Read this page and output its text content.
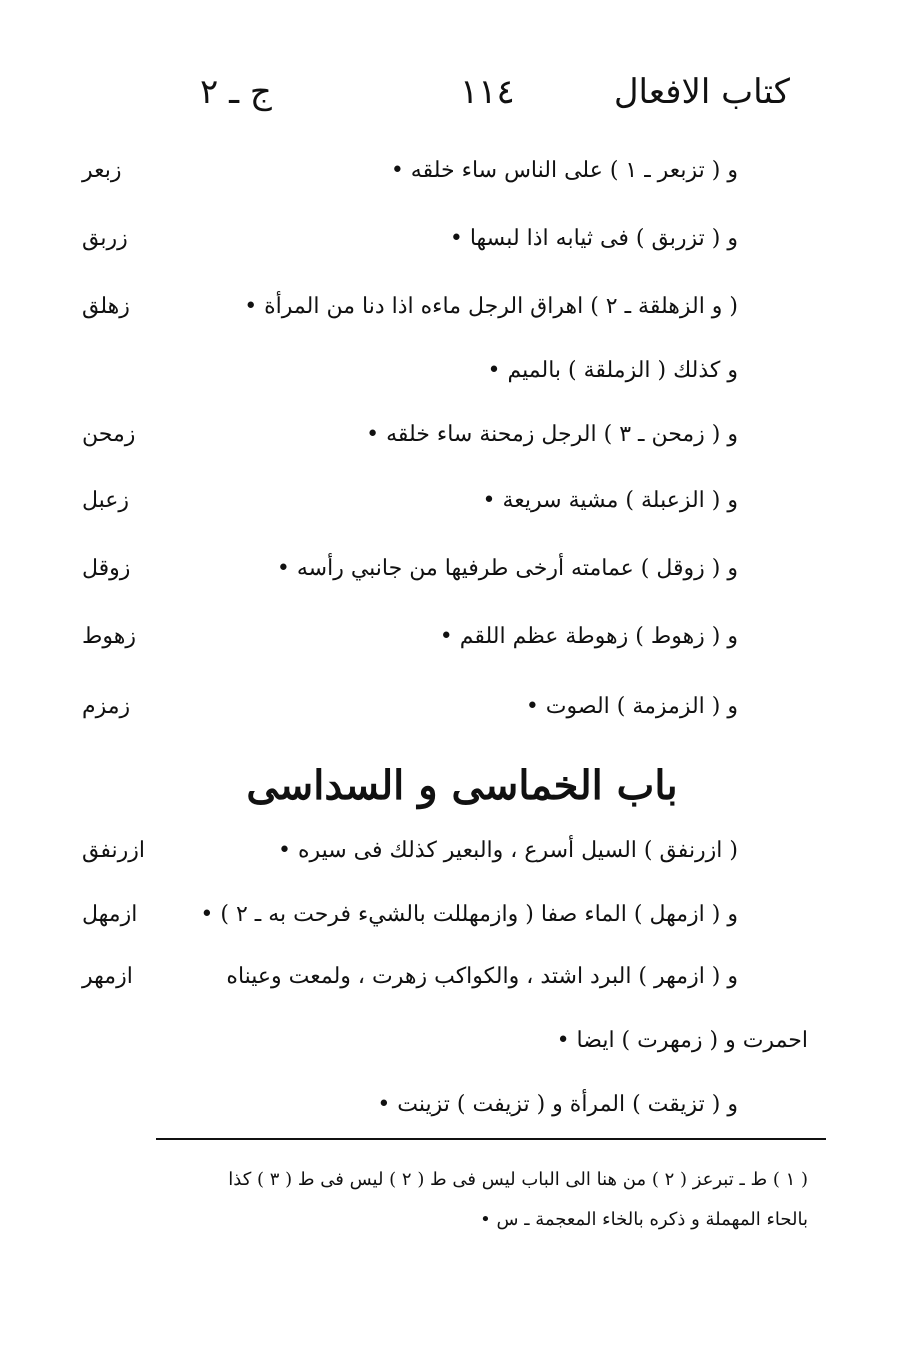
كتاب الافعال
١١٤
ج ـ ٢
و ( تزبعر ـ ١ ) على الناس ساء خلقه •
زبعر
و ( تزربق ) فى ثيابه اذا لبسها •
زربق
( و الزهلقة ـ ٢ ) اهراق الرجل ماءه اذا دنا من المرأة •
زهلق
و كذلك ( الزملقة ) بالميم •
و ( زمحن ـ ٣ ) الرجل زمحنة ساء خلقه •
زمحن
و ( الزعبلة ) مشية سريعة •
زعبل
و ( زوقل ) عمامته أرخى طرفيها من جانبي رأسه •
زوقل
و ( زهوط ) زهوطة عظم اللقم •
زهوط
و ( الزمزمة ) الصوت •
زمزم
باب الخماسى و السداسى
( ازرنفق ) السيل أسرع ، والبعير كذلك فى سيره •
ازرنفق
و ( ازمهل ) الماء صفا ( وازمهللت بالشيء فرحت به ـ ٢ ) •
ازمهل
و ( ازمهر ) البرد اشتد ، والكواكب زهرت ، ولمعت وعيناه
ازمهر
احمرت و ( زمهرت ) ايضا •
و ( تزيقت ) المرأة و ( تزيفت ) تزينت •
( ١ ) ط ـ تبرعز ( ٢ ) من هنا الى الباب ليس فى ط ( ٢ ) ليس فى ط ( ٣ ) كذا
بالحاء المهملة و ذكره بالخاء المعجمة ـ س •
